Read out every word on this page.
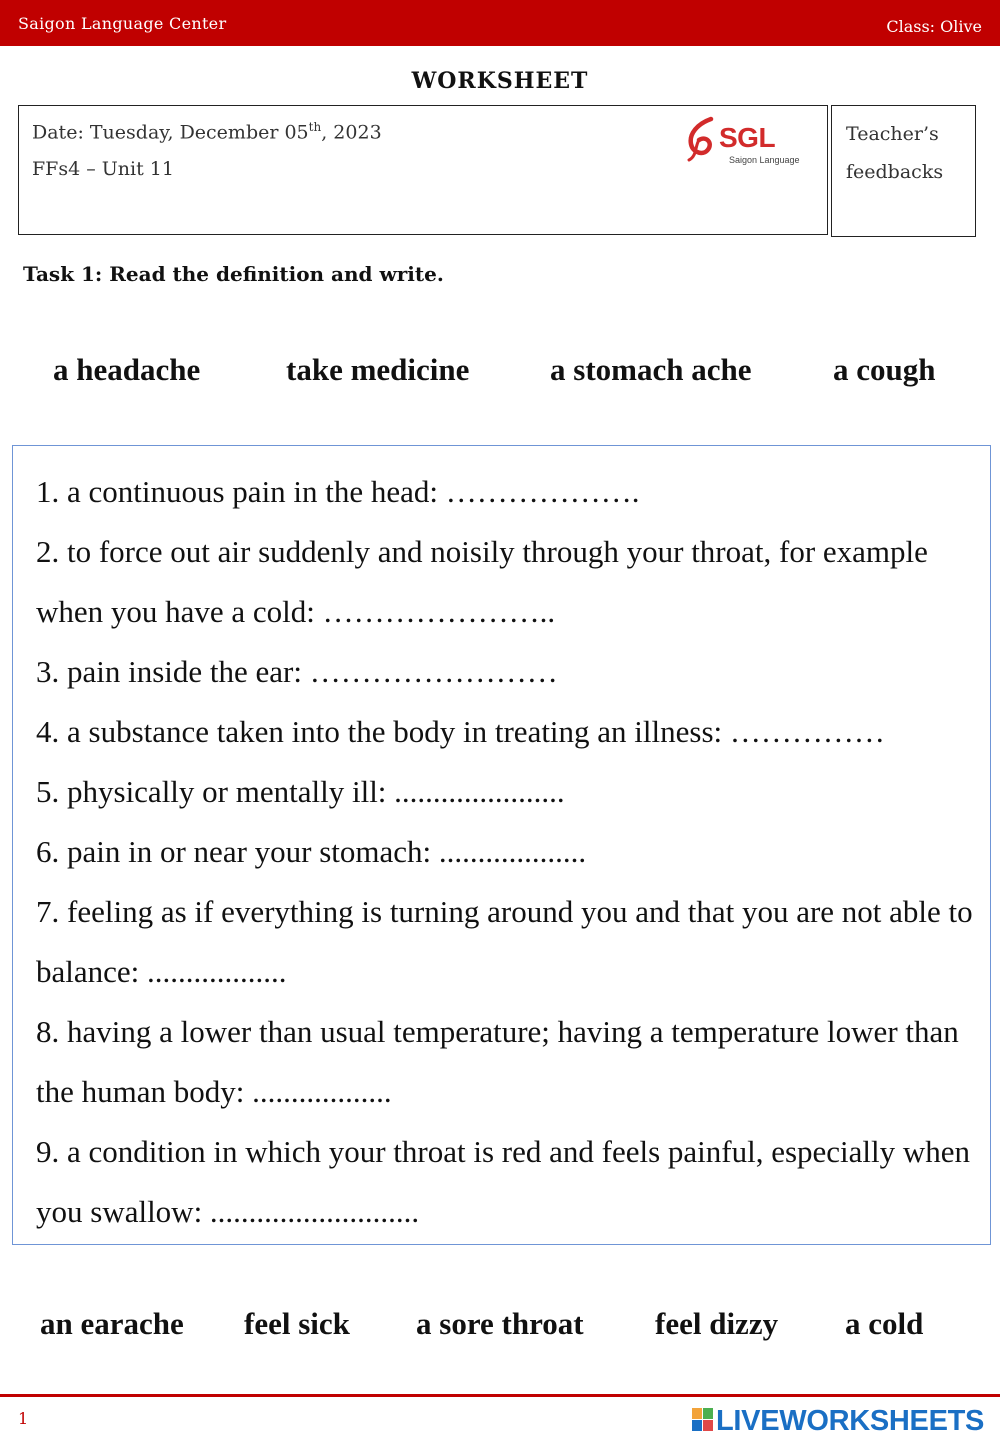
Saigon Language Center	Class: Olive
WORKSHEET
Date: Tuesday, December 05th, 2023
FFs4 – Unit 11
SGL
Saigon Language
Teacher’s feedbacks
Task 1: Read the definition and write.
a headache	take medicine	a stomach ache	a cough
1. a continuous pain in the head: ……………….
2. to force out air suddenly and noisily through your throat, for example when you have a cold: …………………..
3. pain inside the ear: ……………………
4. a substance taken into the body in treating an illness: ……………
5. physically or mentally ill: ......................
6. pain in or near your stomach: ...................
7. feeling as if everything is turning around you and that you are not able to balance: ..................
8. having a lower than usual temperature; having a temperature lower than the human body: ..................
9. a condition in which your throat is red and feels painful, especially when you swallow: ...........................
an earache feel sick a sore throat feel dizzy a cold
1	LIVEWORKSHEETS
